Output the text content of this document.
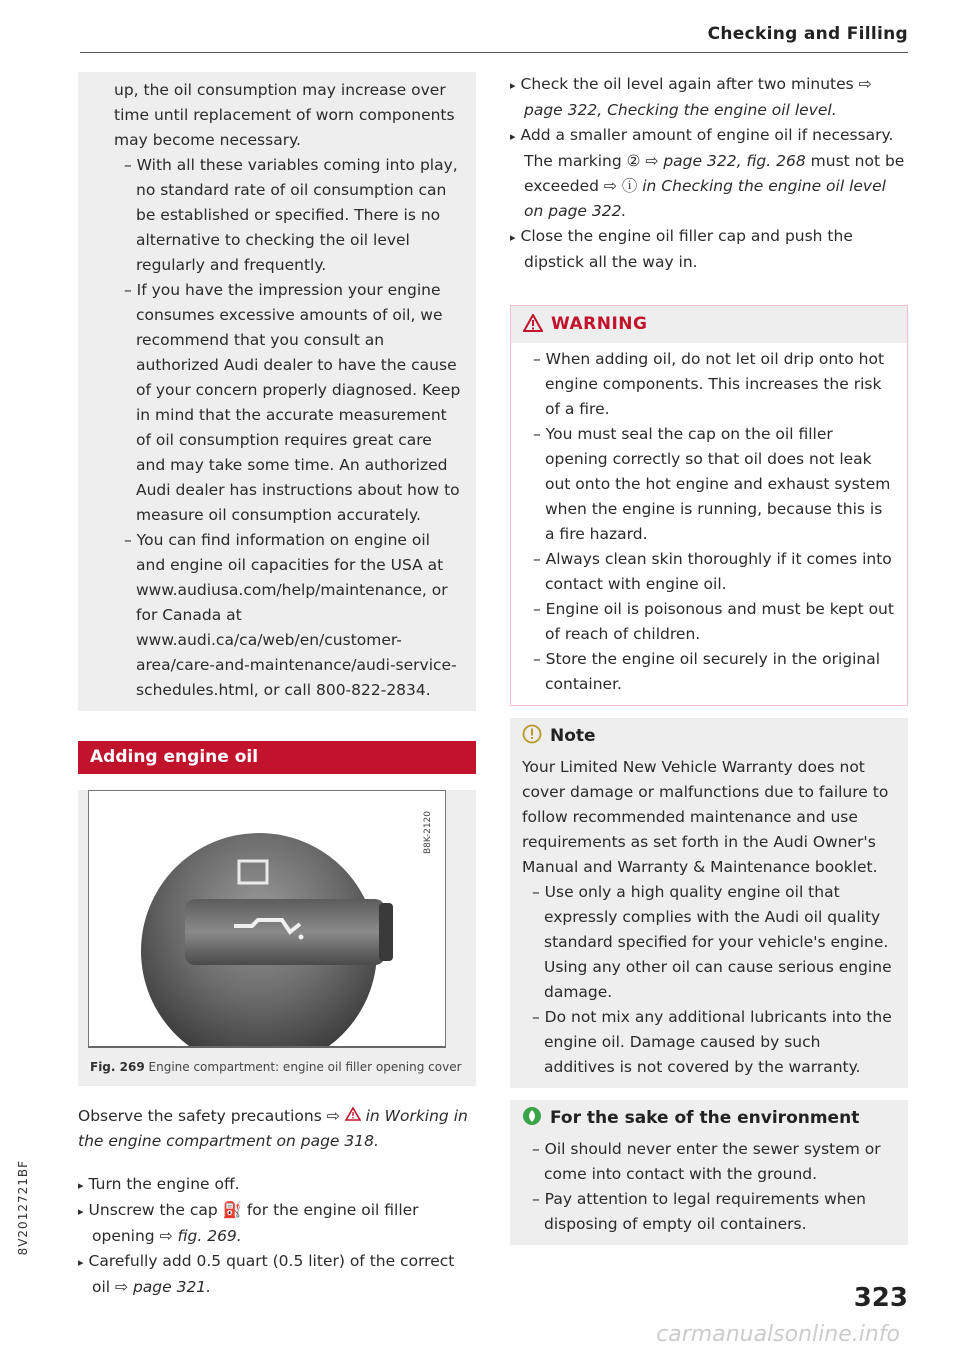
Checking and Filling

up, the oil consumption may increase over time until replacement of worn components may become necessary.

– With all these variables coming into play, no standard rate of oil consumption can be established or specified. There is no alternative to checking the oil level regularly and frequently.

– If you have the impression your engine consumes excessive amounts of oil, we recommend that you consult an authorized Audi dealer to have the cause of your concern properly diagnosed. Keep in mind that the accurate measurement of oil consumption requires great care and may take some time. An authorized Audi dealer has instructions about how to measure oil consumption accurately.

– You can find information on engine oil and engine oil capacities for the USA at www.audiusa.com/help/maintenance, or for Canada at www.audi.ca/ca/web/en/customer-area/care-and-maintenance/audi-service-schedules.html, or call 800-822-2834.

Adding engine oil
B8K-2120
Fig. 269 Engine compartment: engine oil filler opening cover

Observe the safety precautions ⇨  in Working in the engine compartment on page 318.

▸ Turn the engine off.

▸ Unscrew the cap ⛽ for the engine oil filler opening ⇨ fig. 269.

▸ Carefully add 0.5 quart (0.5 liter) of the correct oil ⇨ page 321.

▸ Check the oil level again after two minutes ⇨ page 322, Checking the engine oil level.

▸ Add a smaller amount of engine oil if necessary. The marking ② ⇨ page 322, fig. 268 must not be exceeded ⇨ ⓘ in Checking the engine oil level on page 322.

▸ Close the engine oil filler cap and push the dipstick all the way in.

WARNING

– When adding oil, do not let oil drip onto hot engine components. This increases the risk of a fire.

– You must seal the cap on the oil filler opening correctly so that oil does not leak out onto the hot engine and exhaust system when the engine is running, because this is a fire hazard.

– Always clean skin thoroughly if it comes into contact with engine oil.

– Engine oil is poisonous and must be kept out of reach of children.

– Store the engine oil securely in the original container.

Note

Your Limited New Vehicle Warranty does not cover damage or malfunctions due to failure to follow recommended maintenance and use requirements as set forth in the Audi Owner's Manual and Warranty & Maintenance booklet.

– Use only a high quality engine oil that expressly complies with the Audi oil quality standard specified for your vehicle's engine. Using any other oil can cause serious engine damage.

– Do not mix any additional lubricants into the engine oil. Damage caused by such additives is not covered by the warranty.

For the sake of the environment

– Oil should never enter the sewer system or come into contact with the ground.

– Pay attention to legal requirements when disposing of empty oil containers.

8V2012721BF
323
carmanualsonline.info
